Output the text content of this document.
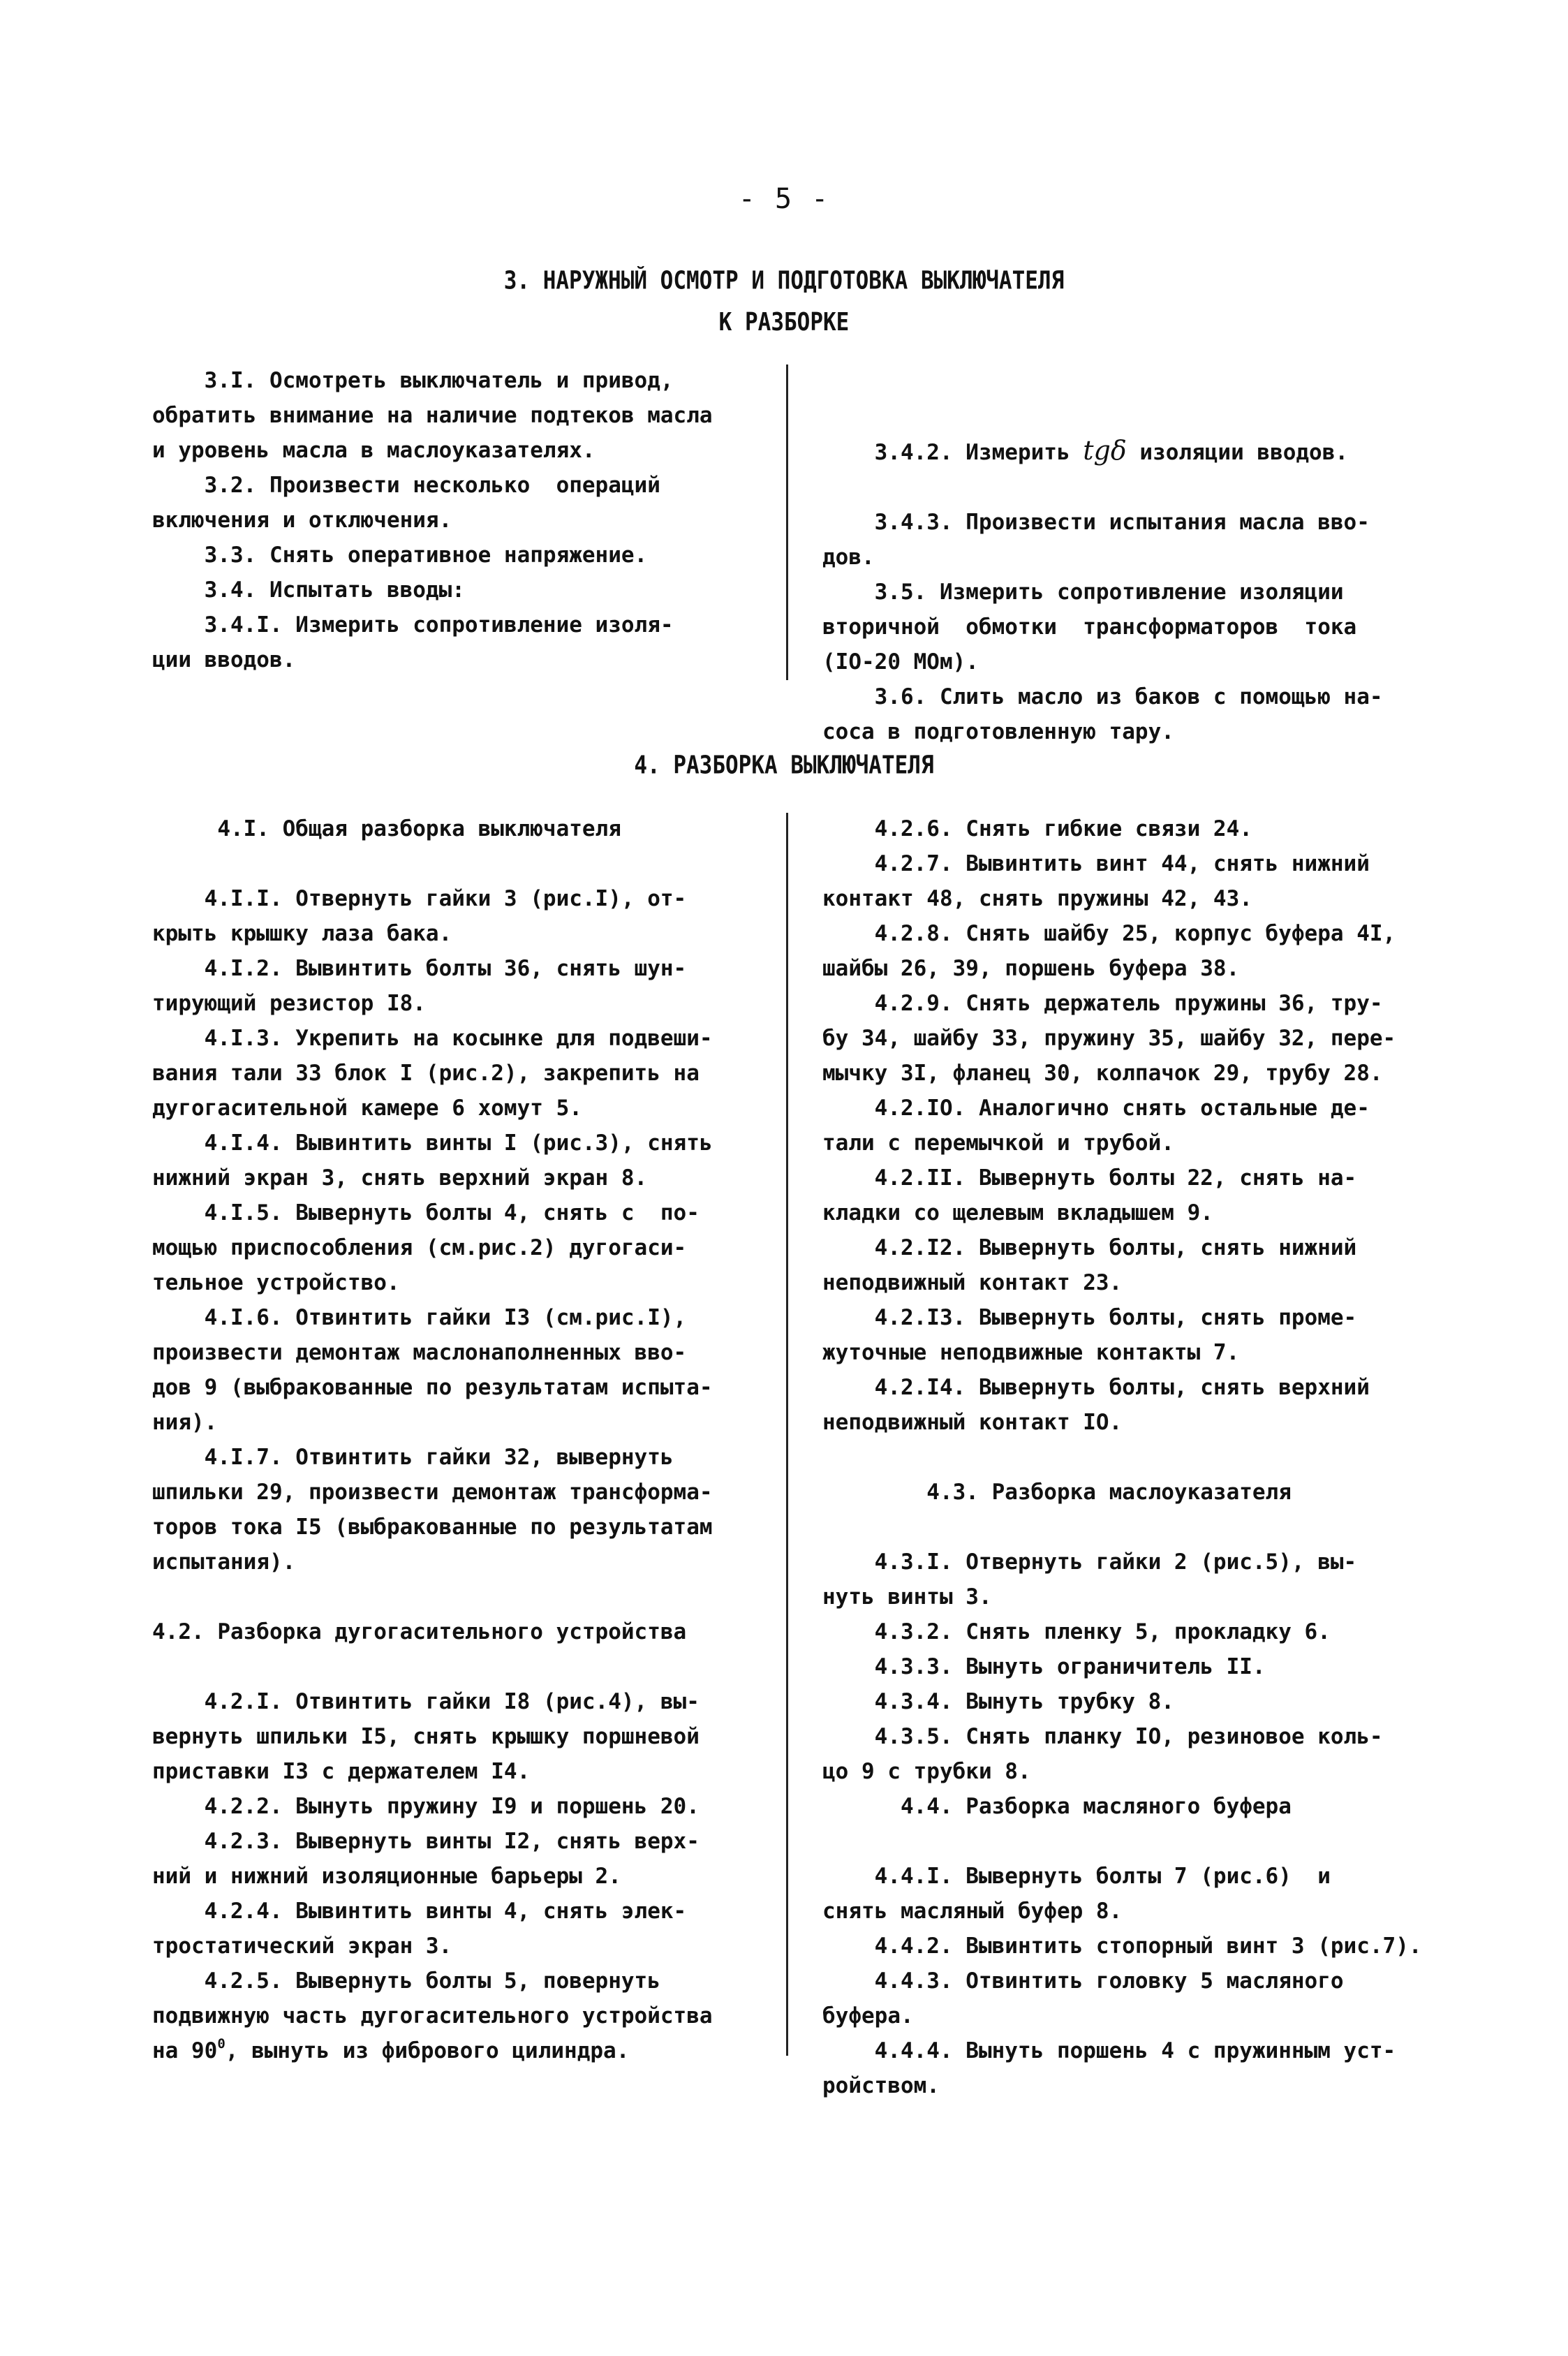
- 5 -
3. НАРУЖНЫЙ ОСМОТР И ПОДГОТОВКА ВЫКЛЮЧАТЕЛЯ
К РАЗБОРКЕ

3.I. Осмотреть выключатель и привод,

обратить внимание на наличие подтеков масла

и уровень масла в маслоуказателях.

3.2. Произвести несколько  операций

включения и отключения.

3.3. Снять оперативное напряжение.

3.4. Испытать вводы:

3.4.I. Измерить сопротивление изоля-

ции вводов.

3.4.2. Измерить tgδ изоляции вводов.

3.4.3. Произвести испытания масла вво-

дов.

3.5. Измерить сопротивление изоляции

вторичной  обмотки  трансформаторов  тока

(IO-20 MОм).

3.6. Слить масло из баков с помощью на-

соса в подготовленную тару.

4. РАЗБОРКА ВЫКЛЮЧАТЕЛЯ

4.I. Общая разборка выключателя

4.I.I. Отвернуть гайки 3 (рис.I), от-

крыть крышку лаза бака.

4.I.2. Вывинтить болты 36, снять шун-

тирующий резистор I8.

4.I.3. Укрепить на косынке для подвеши-

вания тали 33 блок I (рис.2), закрепить на

дугогасительной камере 6 хомут 5.

4.I.4. Вывинтить винты I (рис.3), снять

нижний экран 3, снять верхний экран 8.

4.I.5. Вывернуть болты 4, снять с  по-

мощью приспособления (см.рис.2) дугогаси-

тельное устройство.

4.I.6. Отвинтить гайки I3 (см.рис.I),

произвести демонтаж маслонаполненных вво-

дов 9 (выбракованные по результатам испыта-

ния).

4.I.7. Отвинтить гайки 32, вывернуть

шпильки 29, произвести демонтаж трансформа-

торов тока I5 (выбракованные по результатам

испытания).

4.2. Разборка дугогасительного устройства

4.2.I. Отвинтить гайки I8 (рис.4), вы-

вернуть шпильки I5, снять крышку поршневой

приставки I3 с держателем I4.

4.2.2. Вынуть пружину I9 и поршень 20.

4.2.3. Вывернуть винты I2, снять верх-

ний и нижний изоляционные барьеры 2.

4.2.4. Вывинтить винты 4, снять элек-

тростатический экран 3.

4.2.5. Вывернуть болты 5, повернуть

подвижную часть дугогасительного устройства

на $90^0$, вынуть из фибрового цилиндра.

4.2.6. Снять гибкие связи 24.

4.2.7. Вывинтить винт 44, снять нижний

контакт 48, снять пружины 42, 43.

4.2.8. Снять шайбу 25, корпус буфера 4I,

шайбы 26, 39, поршень буфера 38.

4.2.9. Снять держатель пружины 36, тру-

бу 34, шайбу 33, пружину 35, шайбу 32, пере-

мычку 3I, фланец 30, колпачок 29, трубу 28.

4.2.IO. Аналогично снять остальные де-

тали с перемычкой и трубой.

4.2.II. Вывернуть болты 22, снять на-

кладки со щелевым вкладышем 9.

4.2.I2. Вывернуть болты, снять нижний

неподвижный контакт 23.

4.2.I3. Вывернуть болты, снять проме-

жуточные неподвижные контакты 7.

4.2.I4. Вывернуть болты, снять верхний

неподвижный контакт IO.

4.3. Разборка маслоуказателя

4.3.I. Отвернуть гайки 2 (рис.5), вы-

нуть винты 3.

4.3.2. Снять пленку 5, прокладку 6.

4.3.3. Вынуть ограничитель II.

4.3.4. Вынуть трубку 8.

4.3.5. Снять планку IO, резиновое коль-

цо 9 с трубки 8.

4.4. Разборка масляного буфера

4.4.I. Вывернуть болты 7 (рис.6)  и

снять масляный буфер 8.

4.4.2. Вывинтить стопорный винт 3 (рис.7).

4.4.3. Отвинтить головку 5 масляного

буфера.

4.4.4. Вынуть поршень 4 с пружинным уст-

ройством.
